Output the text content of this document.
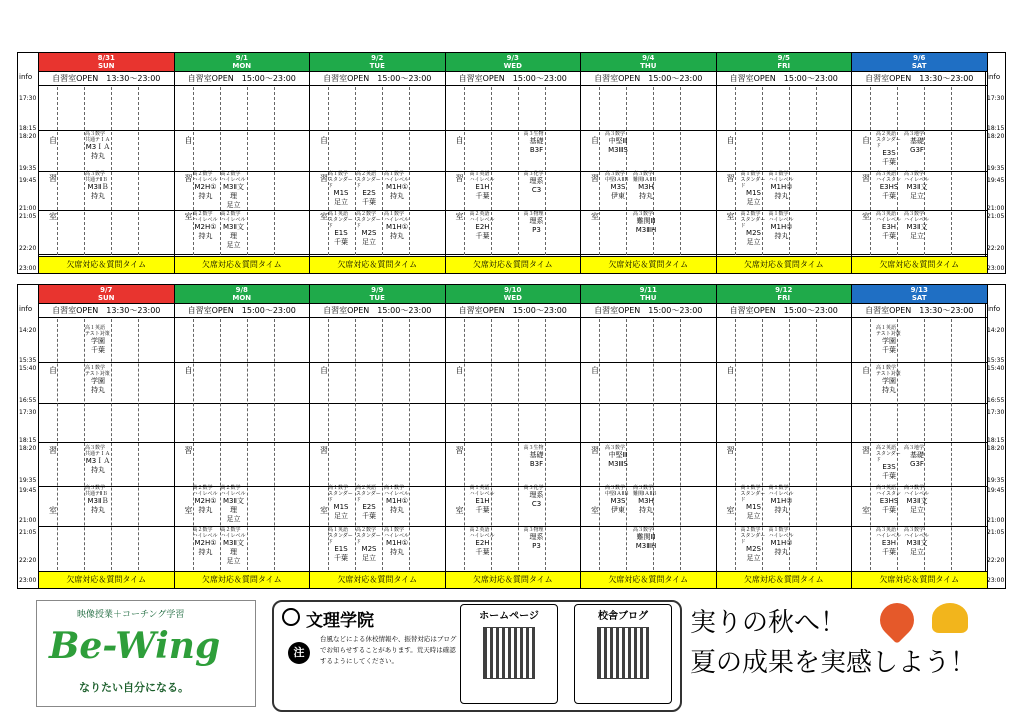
info
17:30
18:15
18:20
19:35
19:45
21:00
21:05
22:20
23:00
info
17:30
18:15
18:20
19:35
19:45
21:00
21:05
22:20
23:00
8/31
SUN
自習室OPEN　13:30～23:00
自
習
室
欠席対応＆質問タイム
高３数学
共通テＩＡ
M3ＩＡ
持丸
高３数学
共通テⅡＢ
M3ⅡＢ
持丸
9/1
MON
自習室OPEN　15:00～23:00
自
習
室
欠席対応＆質問タイム
高２数学
ハイレベル
M2H①
持丸
高２数学
ハイレベル
M3Ⅱ文理
足立
高２数学
ハイレベル
M2H①
持丸
高２数学
ハイレベル
M3Ⅱ文理
足立
9/2
TUE
自習室OPEN　15:00～23:00
自
習
室
欠席対応＆質問タイム
高１数学
スタンダード
M1S
足立
高２英語
スタンダード
E2S
千葉
高１数学
ハイレベル
M1H①
持丸
高１英語
スタンダード
E1S
千葉
高２数学
スタンダード
M2S
足立
高１数学
ハイレベル
M1H①
持丸
9/3
WED
自習室OPEN　15:00～23:00
自
習
室
欠席対応＆質問タイム
高３生物
基礎
B3F
高１英語
ハイレベル
E1H
千葉
高３化学
理系
C3
高２英語
ハイレベル
E2H
千葉
高３物理
理系
P3
9/4
THU
自習室OPEN　15:00～23:00
自
習
室
欠席対応＆質問タイム
高３数学
中堅Ⅲ
M3ⅢS
高３数学
中堅ⅠＡⅡＢ
M3S
伊東
高３数学
難関ⅠＡⅡＢ
M3H
持丸
高３数学
難関Ⅲ
M3ⅢH
9/5
FRI
自習室OPEN　15:00～23:00
自
習
室
欠席対応＆質問タイム
高１数学
スタンダード
M1S
足立
高１数学
ハイレベル
M1H②
持丸
高２数学
スタンダード
M2S
足立
高１数学
ハイレベル
M1H②
持丸
9/6
SAT
自習室OPEN　13:30～23:00
自
習
室
欠席対応＆質問タイム
高２英語
スタンダード
E3S
千葉
高３地学
基礎
G3F
高３英語
ハイスタン
E3HS
千葉
高３数学
ハイレベル
M3Ⅱ文
足立
高３英語
ハイレベル
E3H
千葉
高３数学
ハイレベル
M3Ⅱ文
足立
info
14:20
15:35
15:40
16:55
17:30
18:15
18:20
19:35
19:45
21:00
21:05
22:20
23:00
info
14:20
15:35
15:40
16:55
17:30
18:15
18:20
19:35
19:45
21:00
21:05
22:20
23:00
9/7
SUN
自習室OPEN　13:30～23:00
自
習
室
欠席対応＆質問タイム
高１英語
テスト対策
学園
千葉
高１数学
テスト対策
学園
持丸
高３数学
共通テＩＡ
M3ＩＡ
持丸
高３数学
共通テⅡＢ
M3ⅡＢ
持丸
9/8
MON
自習室OPEN　15:00～23:00
自
習
室
欠席対応＆質問タイム
高２数学
ハイレベル
M2H①
持丸
高２数学
ハイレベル
M3Ⅱ文理
足立
高２数学
ハイレベル
M2H①
持丸
高２数学
ハイレベル
M3Ⅱ文理
足立
9/9
TUE
自習室OPEN　15:00～23:00
自
習
室
欠席対応＆質問タイム
高１数学
スタンダード
M1S
足立
高２英語
スタンダード
E2S
千葉
高１数学
ハイレベル
M1H①
持丸
高１英語
スタンダード
E1S
千葉
高２数学
スタンダード
M2S
足立
高１数学
ハイレベル
M1H①
持丸
9/10
WED
自習室OPEN　15:00～23:00
自
習
室
欠席対応＆質問タイム
高３生物
基礎
B3F
高１英語
ハイレベル
E1H
千葉
高３化学
理系
C3
高２英語
ハイレベル
E2H
千葉
高３物理
理系
P3
9/11
THU
自習室OPEN　15:00～23:00
自
習
室
欠席対応＆質問タイム
高３数学
中堅Ⅲ
M3ⅢS
高３数学
中堅ⅠＡⅡＢ
M3S
伊東
高３数学
難関ⅠＡⅡＢ
M3H
持丸
高３数学
難関Ⅲ
M3ⅢH
9/12
FRI
自習室OPEN　15:00～23:00
自
習
室
欠席対応＆質問タイム
高１数学
スタンダード
M1S
足立
高１数学
ハイレベル
M1H②
持丸
高２数学
スタンダード
M2S
足立
高１数学
ハイレベル
M1H②
持丸
9/13
SAT
自習室OPEN　13:30～23:00
自
習
室
欠席対応＆質問タイム
高１英語
テスト対策
学園
千葉
高１数学
テスト対策
学園
持丸
高２英語
スタンダード
E3S
千葉
高３地学
基礎
G3F
高３英語
ハイスタン
E3HS
千葉
高３数学
ハイレベル
M3Ⅱ文
足立
高３英語
ハイレベル
E3H
千葉
高３数学
ハイレベル
M3Ⅱ文
足立
映像授業＋コーチング学習
Be-Wing
なりたい自分になる。
文理学院
注
台風などによる休校情報や、振替対応はブログでお知らせすることがあります。荒天時は確認するようにしてください。
ホームページ	校舎ブログ	実りの秋へ！
夏の成果を実感しよう！
